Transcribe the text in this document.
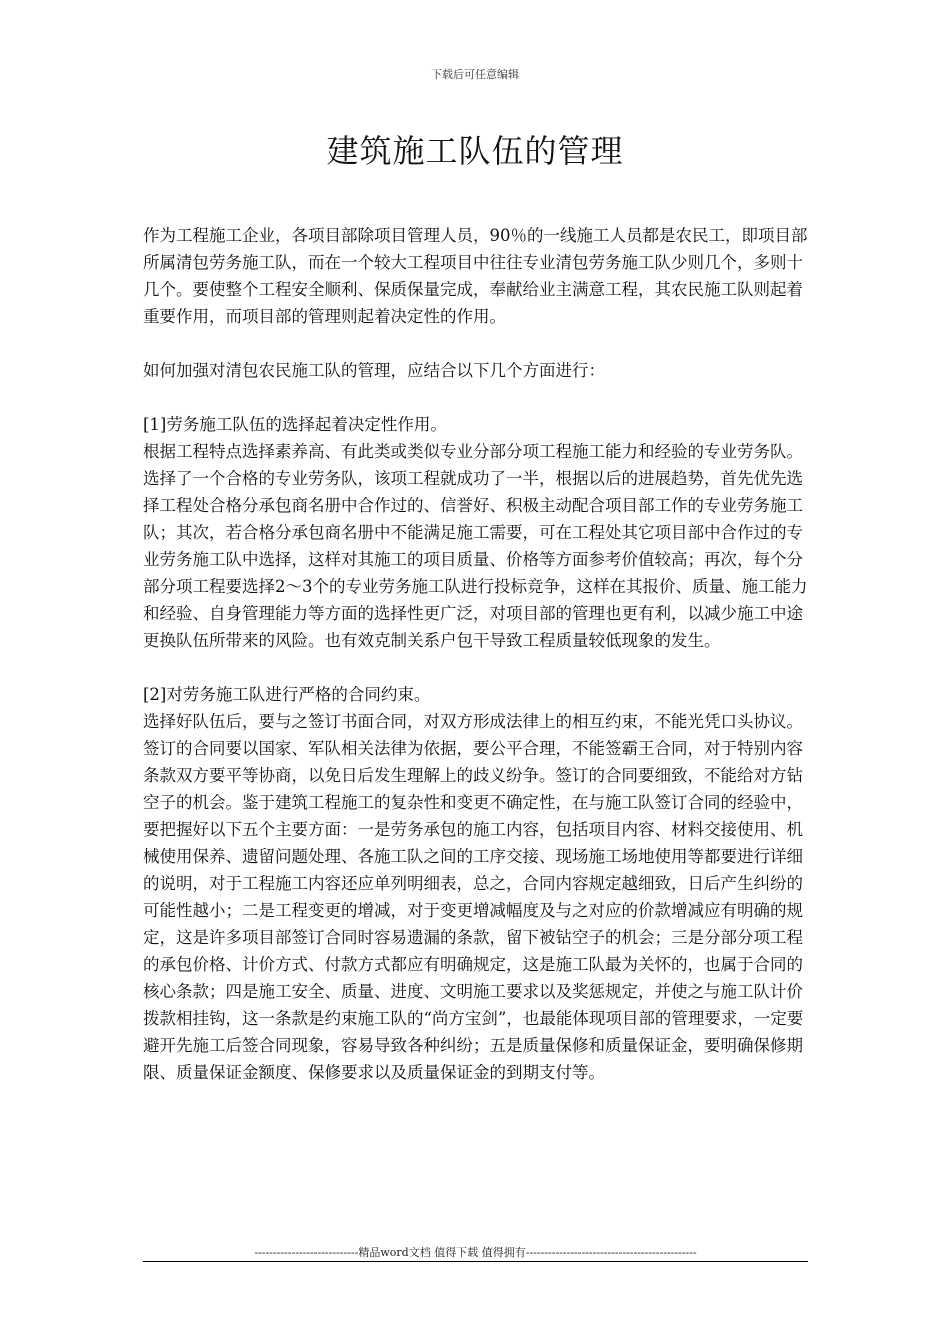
下载后可任意编辑
建筑施工队伍的管理

作为工程施工企业，各项目部除项目管理人员，90％的一线施工人员都是农民工，即项目部所属清包劳务施工队，而在一个较大工程项目中往往专业清包劳务施工队少则几个，多则十几个。要使整个工程安全顺利、保质保量完成，奉献给业主满意工程，其农民施工队则起着重要作用，而项目部的管理则起着决定性的作用。

如何加强对清包农民施工队的管理，应结合以下几个方面进行：

[1]劳务施工队伍的选择起着决定性作用。

根据工程特点选择素养高、有此类或类似专业分部分项工程施工能力和经验的专业劳务队。选择了一个合格的专业劳务队，该项工程就成功了一半，根据以后的进展趋势，首先优先选择工程处合格分承包商名册中合作过的、信誉好、积极主动配合项目部工作的专业劳务施工队；其次，若合格分承包商名册中不能满足施工需要，可在工程处其它项目部中合作过的专业劳务施工队中选择，这样对其施工的项目质量、价格等方面参考价值较高；再次，每个分部分项工程要选择2～3个的专业劳务施工队进行投标竞争，这样在其报价、质量、施工能力和经验、自身管理能力等方面的选择性更广泛，对项目部的管理也更有利，以减少施工中途更换队伍所带来的风险。也有效克制关系户包干导致工程质量较低现象的发生。

[2]对劳务施工队进行严格的合同约束。

选择好队伍后，要与之签订书面合同，对双方形成法律上的相互约束，不能光凭口头协议。签订的合同要以国家、军队相关法律为依据，要公平合理，不能签霸王合同，对于特别内容条款双方要平等协商，以免日后发生理解上的歧义纷争。签订的合同要细致，不能给对方钻空子的机会。鉴于建筑工程施工的复杂性和变更不确定性，在与施工队签订合同的经验中，要把握好以下五个主要方面：一是劳务承包的施工内容，包括项目内容、材料交接使用、机械使用保养、遗留问题处理、各施工队之间的工序交接、现场施工场地使用等都要进行详细的说明，对于工程施工内容还应单列明细表，总之，合同内容规定越细致，日后产生纠纷的可能性越小；二是工程变更的增减，对于变更增减幅度及与之对应的价款增减应有明确的规定，这是许多项目部签订合同时容易遗漏的条款，留下被钻空子的机会；三是分部分项工程的承包价格、计价方式、付款方式都应有明确规定，这是施工队最为关怀的，也属于合同的核心条款；四是施工安全、质量、进度、文明施工要求以及奖惩规定，并使之与施工队计价拨款相挂钩，这一条款是约束施工队的“尚方宝剑”，也最能体现项目部的管理要求，一定要避开先施工后签合同现象，容易导致各种纠纷；五是质量保修和质量保证金，要明确保修期限、质量保证金额度、保修要求以及质量保证金的到期支付等。

----------------------------精品word文档 值得下载 值得拥有----------------------------------------------
